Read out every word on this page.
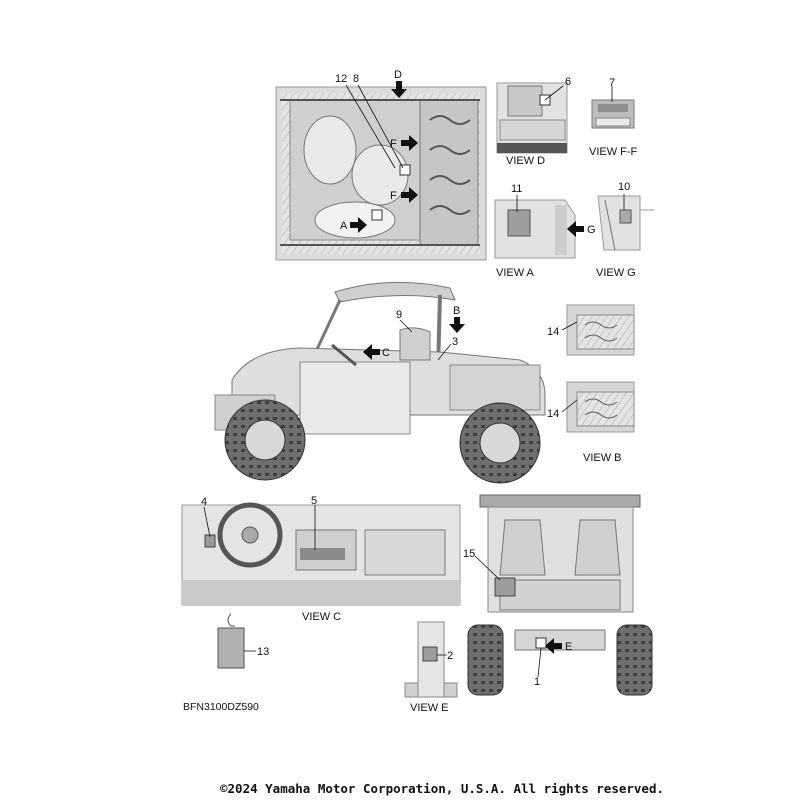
1
2
3
4	5
6	7
8
9
10
11
12
13
14
14
15
D
F
F
A	G
C
B
E
VIEW D
VIEW F-F
VIEW A	VIEW G
VIEW B
VIEW C
VIEW E
BFN3100DZ590
©2024 Yamaha Motor Corporation, U.S.A. All rights reserved.
